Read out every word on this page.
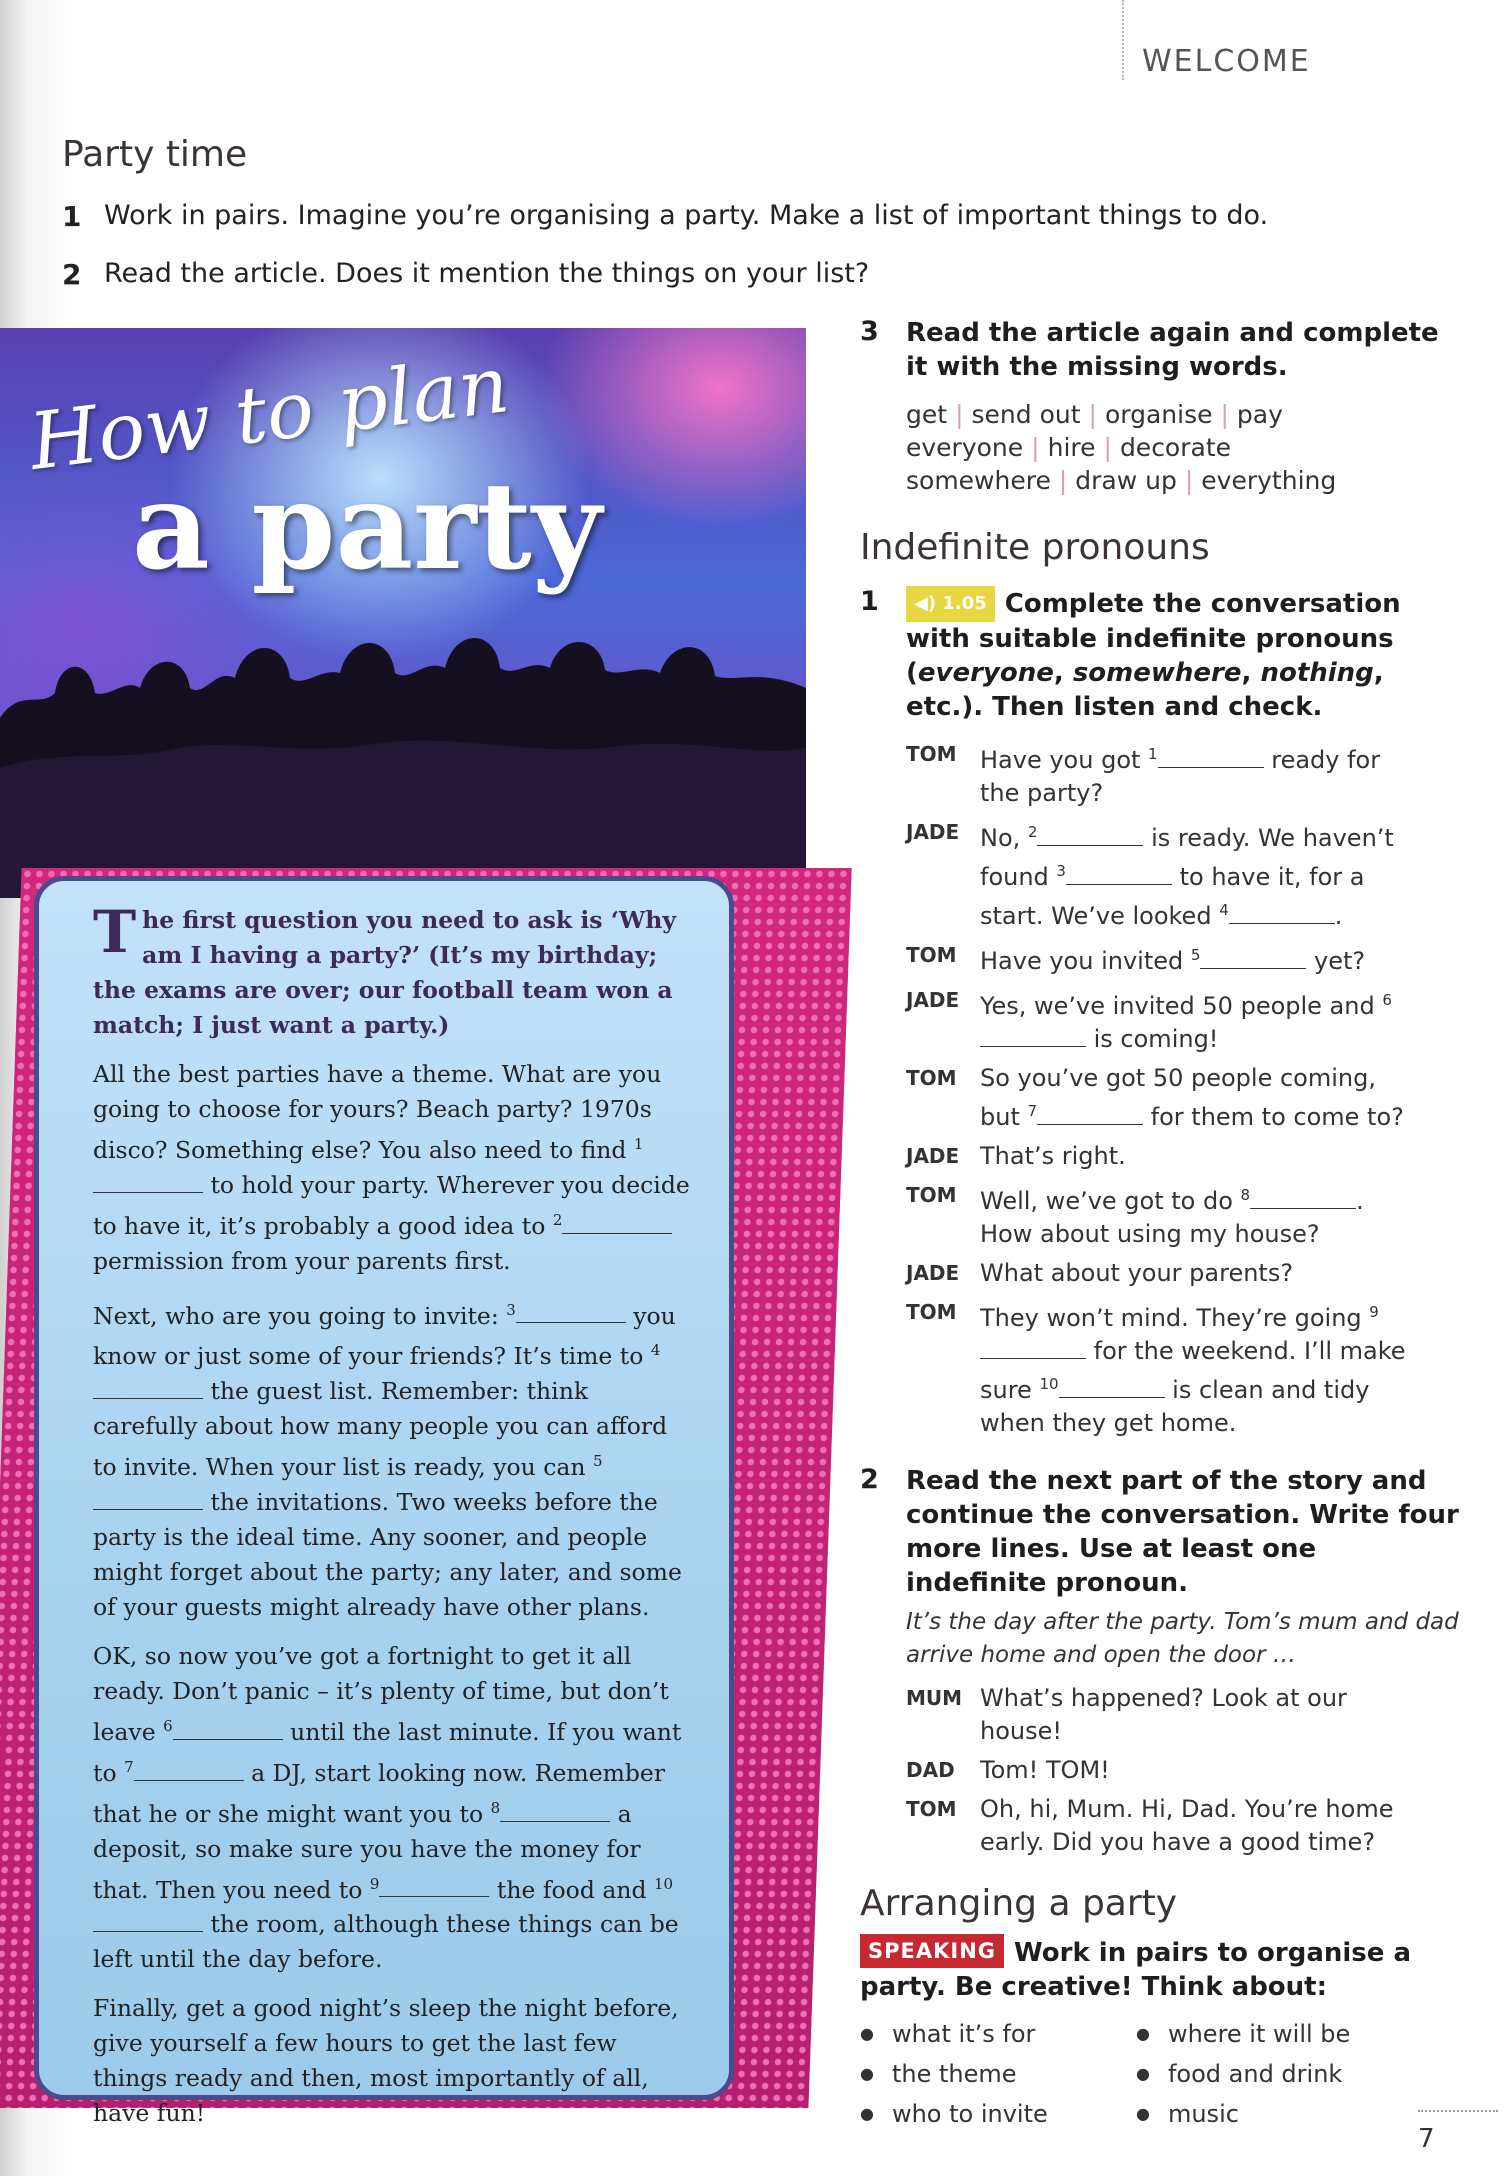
WELCOME
Party time
1 Work in pairs. Imagine you’re organising a party. Make a list of important things to do.
2 Read the article. Does it mention the things on your list?
How to plan
a party

The first question you need to ask is ‘Why am I having a party?’ (It’s my birthday; the exams are over; our football team won a match; I just want a party.)

All the best parties have a theme. What are you going to choose for yours? Beach party? 1970s disco? Something else? You also need to find $^1$ to hold your party. Wherever you decide to have it, it’s probably a good idea to $^2$ permission from your parents first.

Next, who are you going to invite: $^3$	you know or just some of your friends? It’s time to $^4$ the guest list. Remember: think carefully about how many people you can afford to invite. When your list is ready, you can $^5$ the invitations. Two weeks before the party is the ideal time. Any sooner, and people might forget about the party; any later, and some of your guests might already have other plans.

OK, so now you’ve got a fortnight to get it all ready. Don’t panic – it’s plenty of time, but don’t leave $^6$	until the last minute. If you want to $^7$	a DJ, start looking now. Remember that he or she might want you to $^8$	a deposit, so make sure you have the money for that. Then you need to $^9$	the food and $^{10}$ the room, although these things can be left until the day before.

Finally, get a good night’s sleep the night before, give yourself a few hours to get the last few things ready and then, most importantly of all, have fun!

3 Read the article again and complete it with the missing words.
get | send out | organise | pay
everyone | hire | decorate
somewhere | draw up | everything
Indefinite pronouns
1	◀) 1.05 Complete the conversation with suitable indefinite pronouns (everyone, somewhere, nothing, etc.). Then listen and check.
TOM Have you got $^1$	ready for the party?
JADE No, $^2$	is ready. We haven’t found $^3$	to have it, for a start. We’ve looked $^4$	.
TOM Have you invited $^5$	yet?
JADE Yes, we’ve invited 50 people and $^6$ is coming!
TOM So you’ve got 50 people coming, but $^7$	for them to come to?
JADE That’s right.
TOM Well, we’ve got to do $^8$	. How about using my house?
JADE What about your parents?
TOM They won’t mind. They’re going $^9$ for the weekend. I’ll make sure $^{10}$	is clean and tidy when they get home.
2 Read the next part of the story and continue the conversation. Write four more lines. Use at least one indefinite pronoun.
It’s the day after the party. Tom’s mum and dad arrive home and open the door …
MUM What’s happened? Look at our house!
DAD	Tom! TOM!
TOM Oh, hi, Mum. Hi, Dad. You’re home early. Did you have a good time?
Arranging a party
SPEAKING Work in pairs to organise a party. Be creative! Think about:
● what it’s for
● the theme
● who to invite
● where it will be
● food and drink
● music
7
